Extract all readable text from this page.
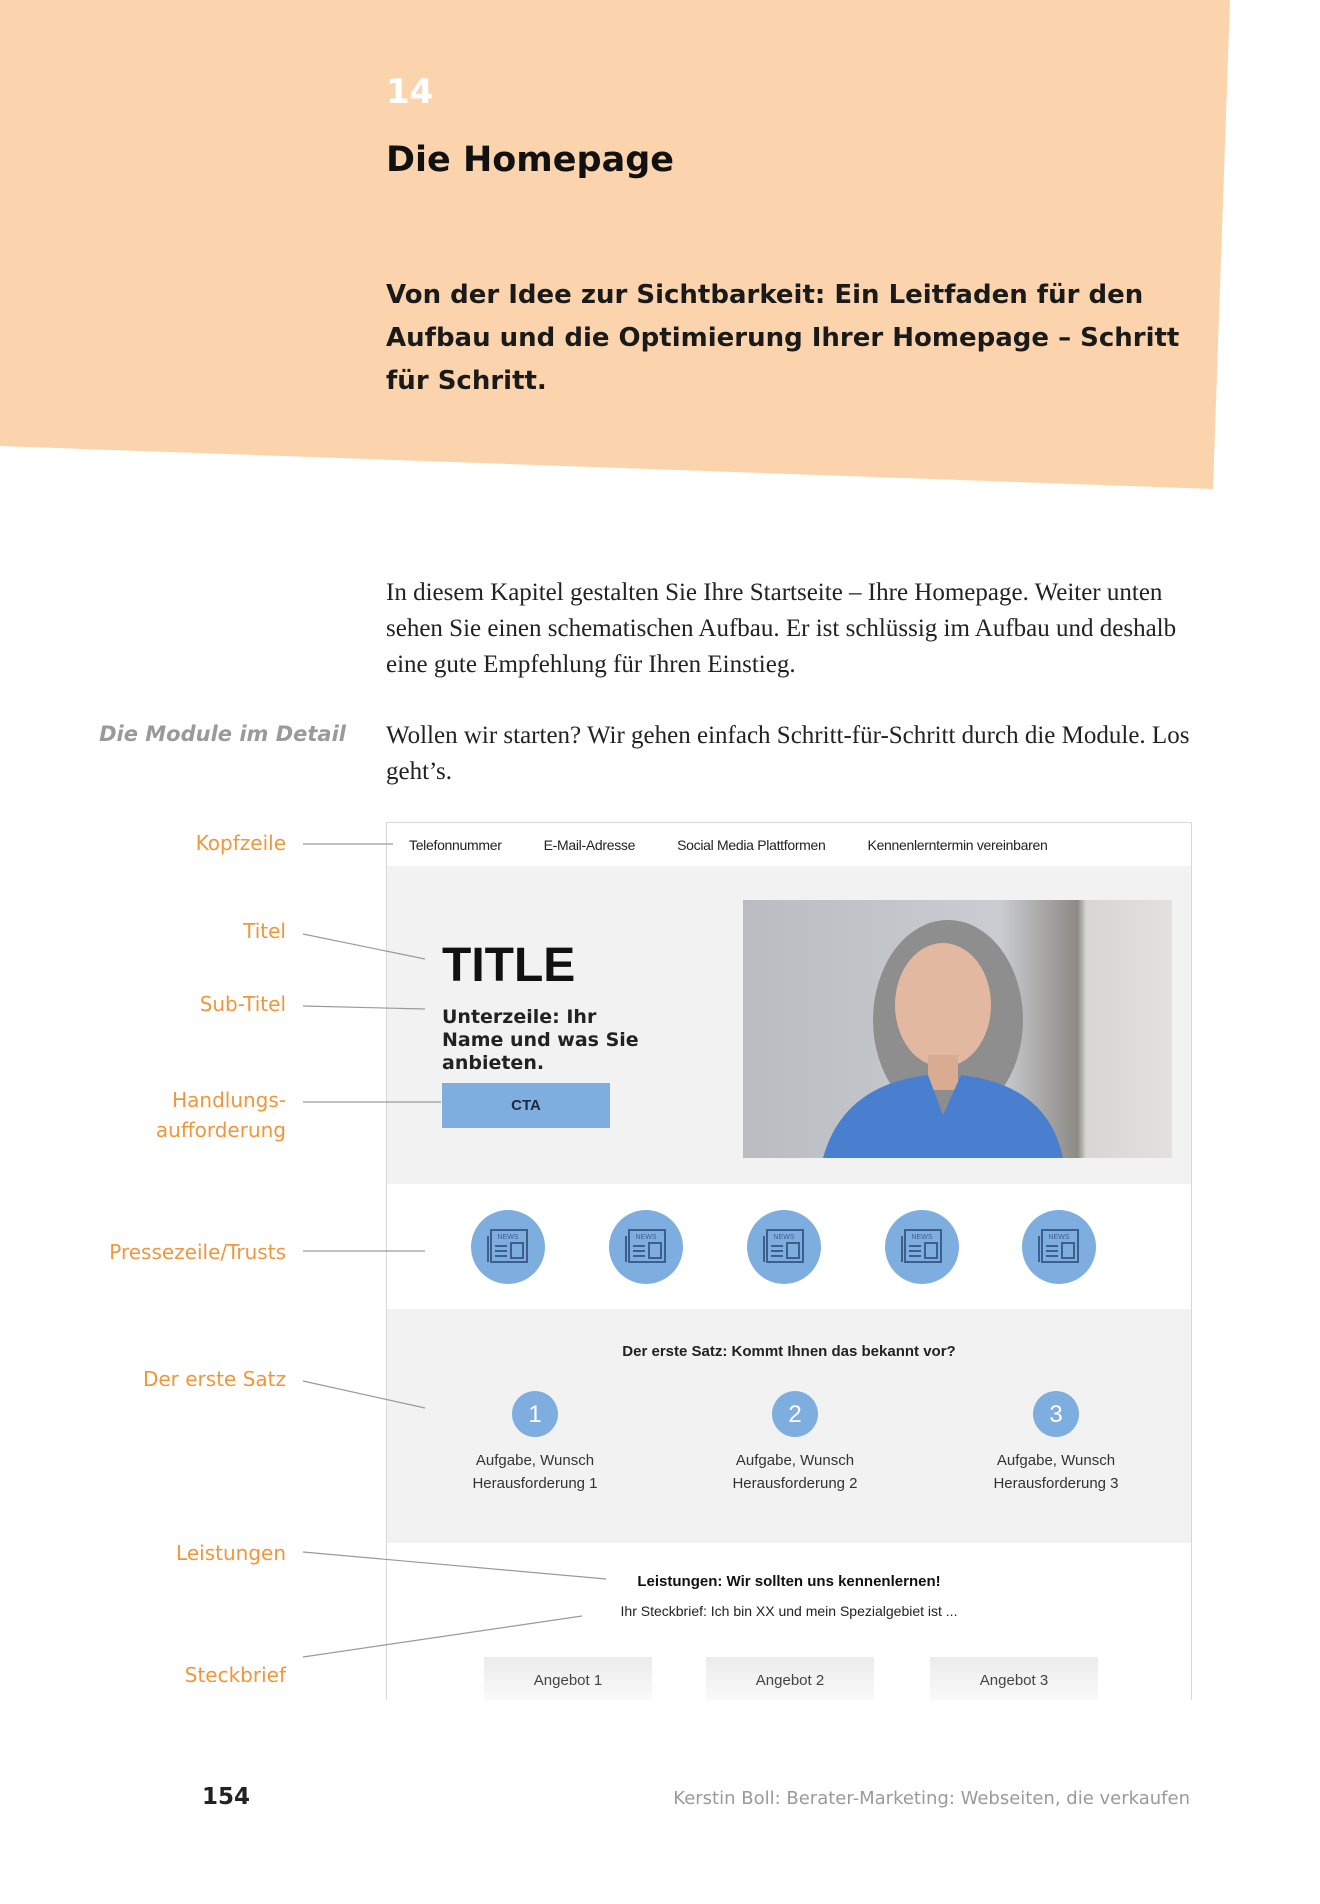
14
Die Homepage
Von der Idee zur Sichtbarkeit: Ein Leitfaden für den Aufbau und die Optimierung Ihrer Homepage – Schritt für Schritt.
In diesem Kapitel gestalten Sie Ihre Startseite – Ihre Homepage. Weiter unten sehen Sie einen schematischen Aufbau. Er ist schlüssig im Aufbau und deshalb eine gute Empfehlung für Ihren Einstieg.
Die Module im Detail Wollen wir starten? Wir gehen einfach Schritt-für-Schritt durch die Module. Los geht’s.
Kopfzeile
Titel
Sub-Titel
Handlungs-
aufforderung
Pressezeile/Trusts
Der erste Satz
Leistungen
Steckbrief
Telefonnummer	E-Mail-Adresse	Social Media Plattformen	Kennenlerntermin vereinbaren
TITLE
Unterzeile: Ihr Name und was Sie anbieten.
CTA
NEWS	NEWS	NEWS	NEWS	NEWS
Der erste Satz: Kommt Ihnen das bekannt vor?
1
Aufgabe, Wunsch
Herausforderung 1
2
Aufgabe, Wunsch
Herausforderung 2
3
Aufgabe, Wunsch
Herausforderung 3
Leistungen: Wir sollten uns kennenlernen!
Ihr Steckbrief: Ich bin XX und mein Spezialgebiet ist ...
Angebot 1	Angebot 2	Angebot 3
154	Kerstin Boll: Berater-Marketing: Webseiten, die verkaufen
